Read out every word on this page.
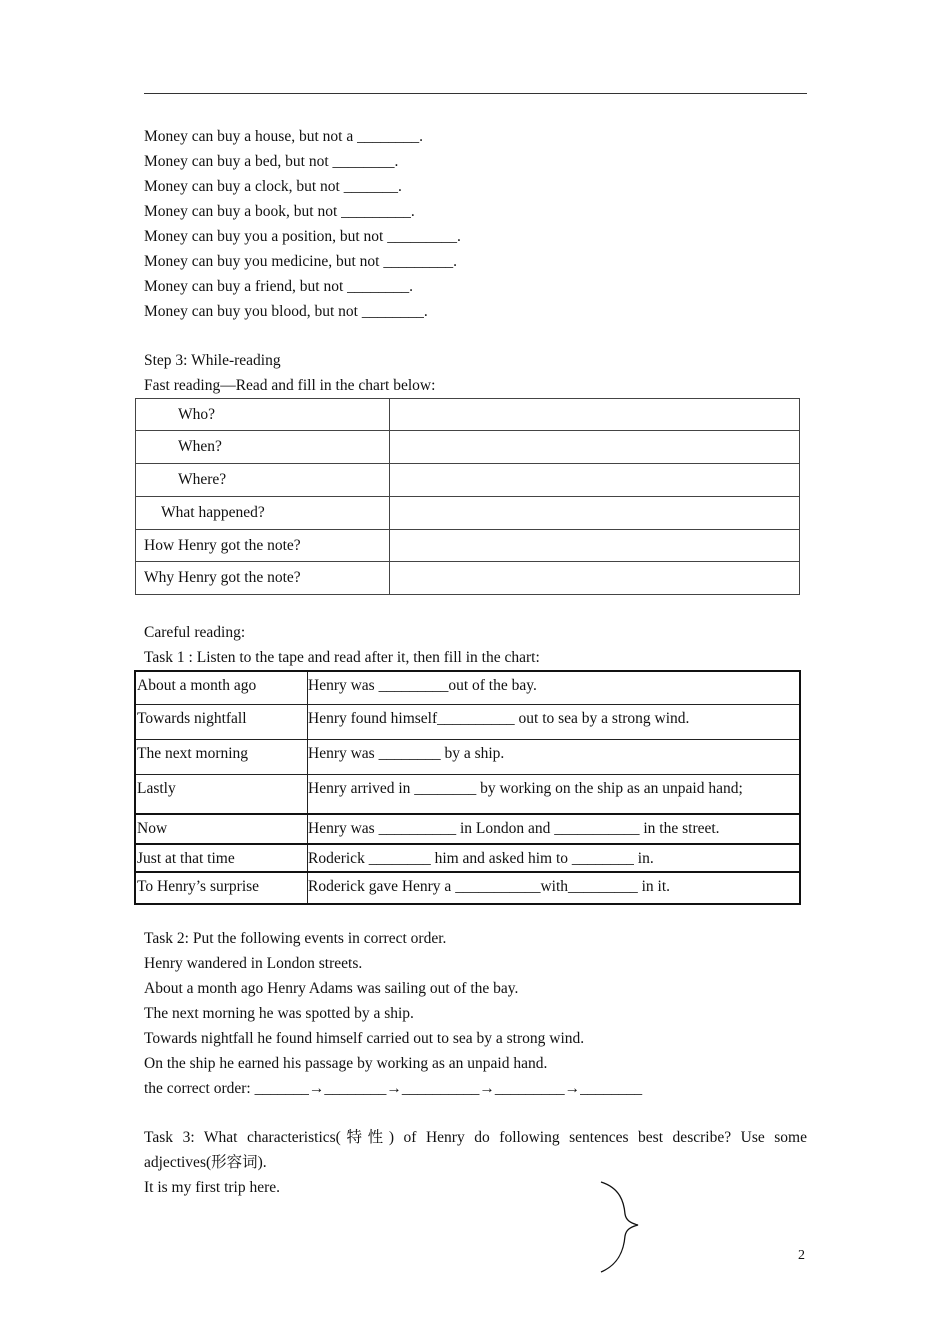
Money can buy a house, but not a ________.
Money can buy a bed, but not ________.
Money can buy a clock, but not _______.
Money can buy a book, but not _________.
Money can buy you a position, but not _________.
Money can buy you medicine, but not _________.
Money can buy a friend, but not ________.
Money can buy you blood, but not ________.
Step 3: While-reading
Fast reading—Read and fill in the chart below:
Who?	
When?	
Where?	
What happened?	
How Henry got the note?	
Why Henry got the note?	
Careful reading:
Task 1 : Listen to the tape and read after it, then fill in the chart:
About a month ago	Henry was _________out of the bay.
Towards nightfall	Henry found himself__________ out to sea by a strong wind.
The next morning	Henry was ________ by a ship.
Lastly	Henry arrived in ________ by working on the ship as an unpaid hand;
Now	Henry was __________ in London and ___________ in the street.
Just at that time	Roderick ________ him and asked him to ________ in.
To Henry’s surprise	Roderick gave Henry a ___________with_________ in it.
Task 2: Put the following events in correct order.
Henry wandered in London streets.
About a month ago Henry Adams was sailing out of the bay.
The next morning he was spotted by a ship.
Towards nightfall he found himself carried out to sea by a strong wind.
On the ship he earned his passage by working as an unpaid hand.
the correct order: _______→________→__________→_________→________
Task 3: What characteristics(特性) of Henry do following sentences best describe? Use some
adjectives(形容词).
It is my first trip here.
2
